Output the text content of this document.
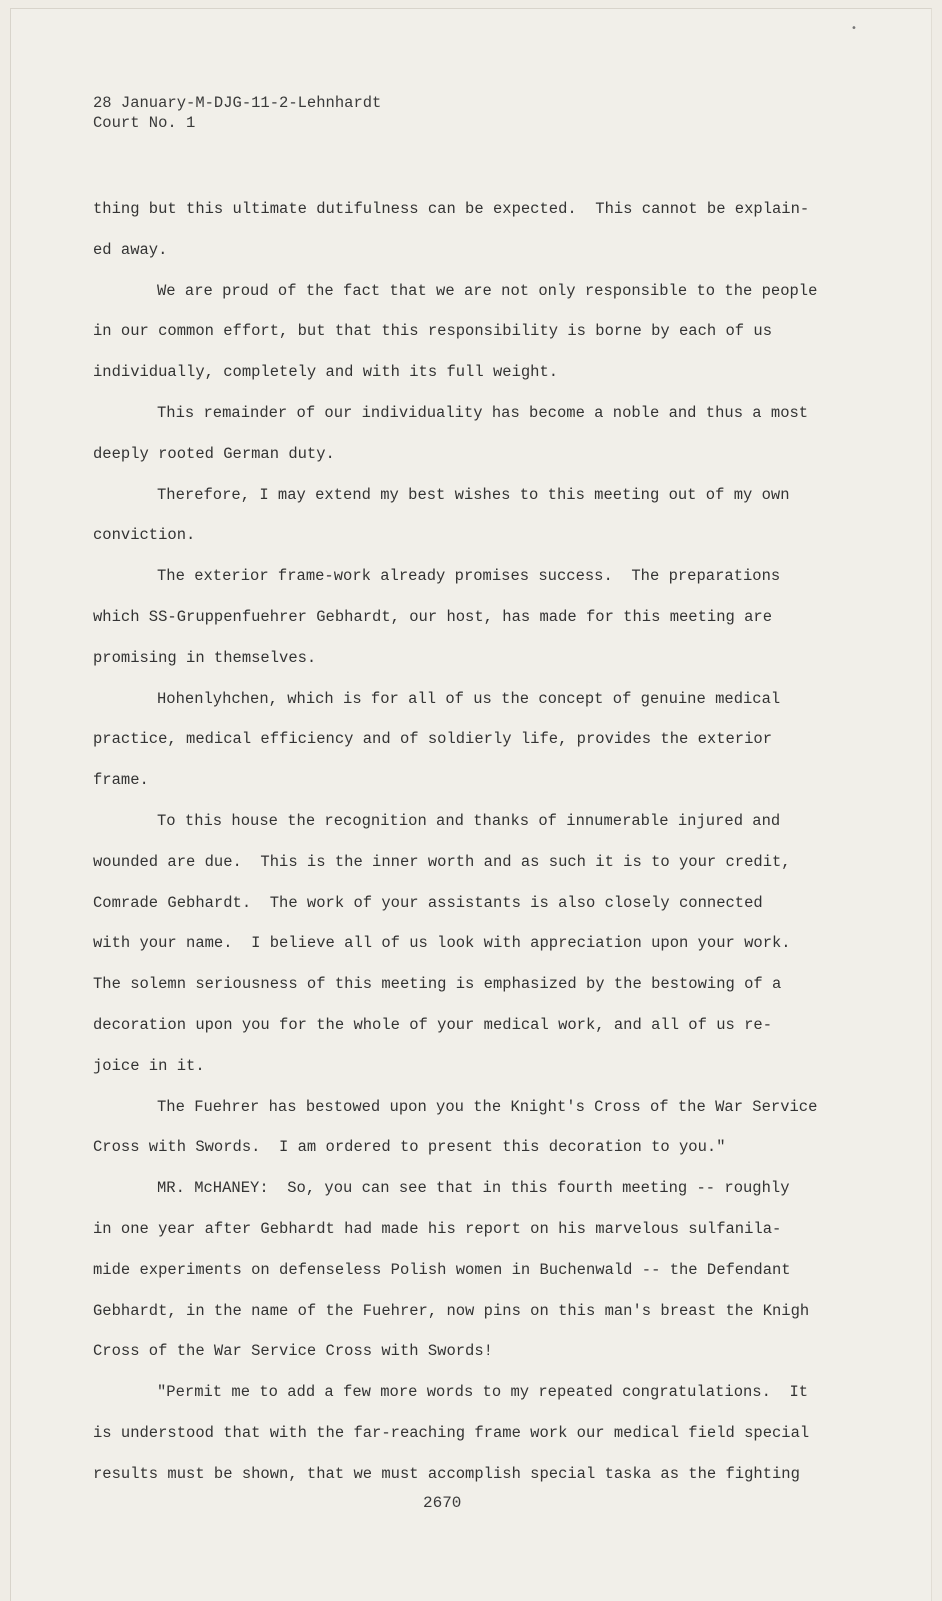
•
28 January-M-DJG-11-2-Lehnhardt
Court No. 1
thing but this ultimate dutifulness can be expected.  This cannot be explain-
ed away.
We are proud of the fact that we are not only responsible to the people
in our common effort, but that this responsibility is borne by each of us
individually, completely and with its full weight.
This remainder of our individuality has become a noble and thus a most
deeply rooted German duty.
Therefore, I may extend my best wishes to this meeting out of my own
conviction.
The exterior frame-work already promises success.  The preparations
which SS-Gruppenfuehrer Gebhardt, our host, has made for this meeting are
promising in themselves.
Hohenlyhchen, which is for all of us the concept of genuine medical
practice, medical efficiency and of soldierly life, provides the exterior
frame.
To this house the recognition and thanks of innumerable injured and
wounded are due.  This is the inner worth and as such it is to your credit,
Comrade Gebhardt.  The work of your assistants is also closely connected
with your name.  I believe all of us look with appreciation upon your work.
The solemn seriousness of this meeting is emphasized by the bestowing of a
decoration upon you for the whole of your medical work, and all of us re-
joice in it.
The Fuehrer has bestowed upon you the Knight's Cross of the War Service
Cross with Swords.  I am ordered to present this decoration to you."
MR. McHANEY:  So, you can see that in this fourth meeting -- roughly
in one year after Gebhardt had made his report on his marvelous sulfanila-
mide experiments on defenseless Polish women in Buchenwald -- the Defendant
Gebhardt, in the name of the Fuehrer, now pins on this man's breast the Knigh
Cross of the War Service Cross with Swords!
"Permit me to add a few more words to my repeated congratulations.  It
is understood that with the far-reaching frame work our medical field special
results must be shown, that we must accomplish special taska as the fighting
2670
